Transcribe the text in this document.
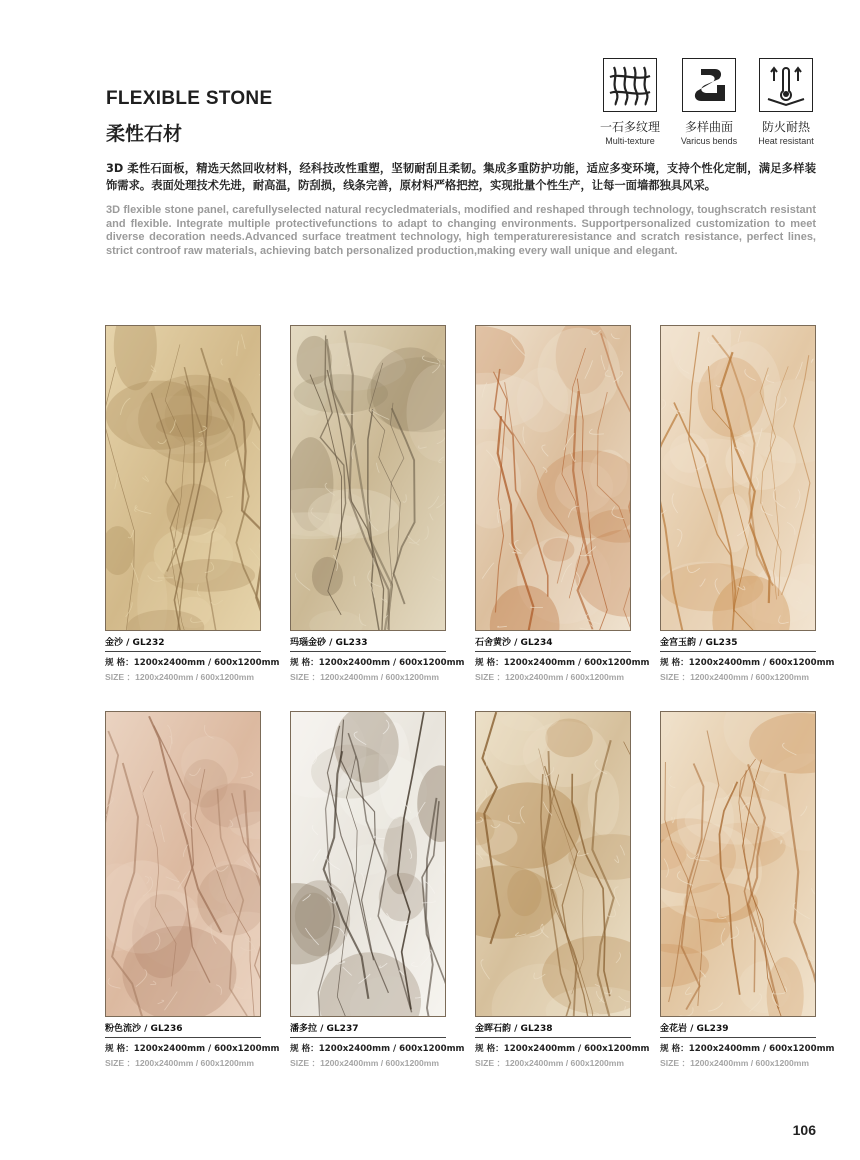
FLEXIBLE STONE
柔性石材	一石多纹理
Multi-texture
多样曲面
Varicus bends
防火耐热
Heat resistant
3D 柔性石面板，精选天然回收材料，经科技改性重塑，坚韧耐刮且柔韧。集成多重防护功能，适应多变环境，支持个性化定制，满足多样装饰需求。表面处理技术先进，耐高温，防刮损，线条完善，原材料严格把控，实现批量个性生产，让每一面墙都独具风采。
3D flexible stone panel, carefullyselected natural recycledmaterials, modified and reshaped through technology, toughscratch resistant and flexible. Integrate multiple protectivefunctions to adapt to changing environments. Supportpersonalized customization to meet diverse decoration needs.Advanced surface treatment technology, high temperatureresistance and scratch resistance, perfect lines, strict controof raw materials, achieving batch personalized production,making every wall unique and elegant.
金沙 / GL232
规 格：1200x2400mm / 600x1200mm
SIZE ：1200x2400mm / 600x1200mm
玛瑙金砂 / GL233
规 格：1200x2400mm / 600x1200mm
SIZE ：1200x2400mm / 600x1200mm
石舍黄沙 / GL234
规 格：1200x2400mm / 600x1200mm
SIZE ：1200x2400mm / 600x1200mm
金宫玉韵 / GL235
规 格：1200x2400mm / 600x1200mm
SIZE ：1200x2400mm / 600x1200mm
粉色流沙 / GL236
规 格：1200x2400mm / 600x1200mm
SIZE ：1200x2400mm / 600x1200mm
潘多拉 / GL237
规 格：1200x2400mm / 600x1200mm
SIZE ：1200x2400mm / 600x1200mm
金晖石韵 / GL238
规 格：1200x2400mm / 600x1200mm
SIZE ：1200x2400mm / 600x1200mm
金花岩 / GL239
规 格：1200x2400mm / 600x1200mm
SIZE ：1200x2400mm / 600x1200mm
106
